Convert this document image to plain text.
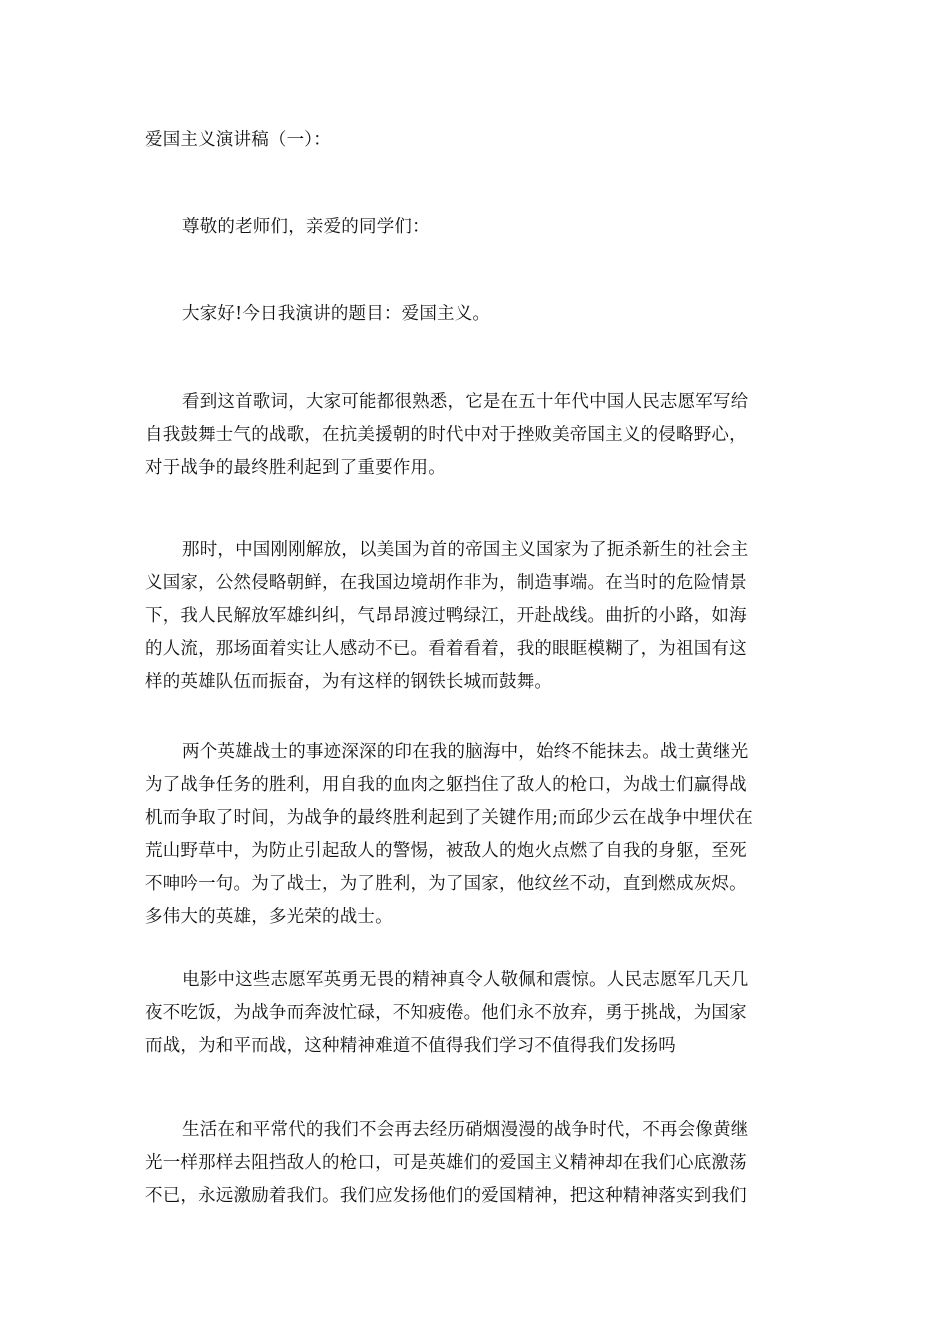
爱国主义演讲稿（一）：

尊敬的老师们，亲爱的同学们：

大家好!今日我演讲的题目：爱国主义。

看到这首歌词，大家可能都很熟悉，它是在五十年代中国人民志愿军写给
自我鼓舞士气的战歌，在抗美援朝的时代中对于挫败美帝国主义的侵略野心，
对于战争的最终胜利起到了重要作用。

那时，中国刚刚解放，以美国为首的帝国主义国家为了扼杀新生的社会主
义国家，公然侵略朝鲜，在我国边境胡作非为，制造事端。在当时的危险情景
下，我人民解放军雄纠纠，气昂昂渡过鸭绿江，开赴战线。曲折的小路，如海
的人流，那场面着实让人感动不已。看着看着，我的眼眶模糊了，为祖国有这
样的英雄队伍而振奋，为有这样的钢铁长城而鼓舞。

两个英雄战士的事迹深深的印在我的脑海中，始终不能抹去。战士黄继光
为了战争任务的胜利，用自我的血肉之躯挡住了敌人的枪口，为战士们赢得战
机而争取了时间，为战争的最终胜利起到了关键作用;而邱少云在战争中埋伏在
荒山野草中，为防止引起敌人的警惕，被敌人的炮火点燃了自我的身躯，至死
不呻吟一句。为了战士，为了胜利，为了国家，他纹丝不动，直到燃成灰烬。
多伟大的英雄，多光荣的战士。

电影中这些志愿军英勇无畏的精神真令人敬佩和震惊。人民志愿军几天几
夜不吃饭，为战争而奔波忙碌，不知疲倦。他们永不放弃，勇于挑战，为国家
而战，为和平而战，这种精神难道不值得我们学习不值得我们发扬吗

生活在和平常代的我们不会再去经历硝烟漫漫的战争时代，不再会像黄继
光一样那样去阻挡敌人的枪口，可是英雄们的爱国主义精神却在我们心底激荡
不已，永远激励着我们。我们应发扬他们的爱国精神，把这种精神落实到我们
